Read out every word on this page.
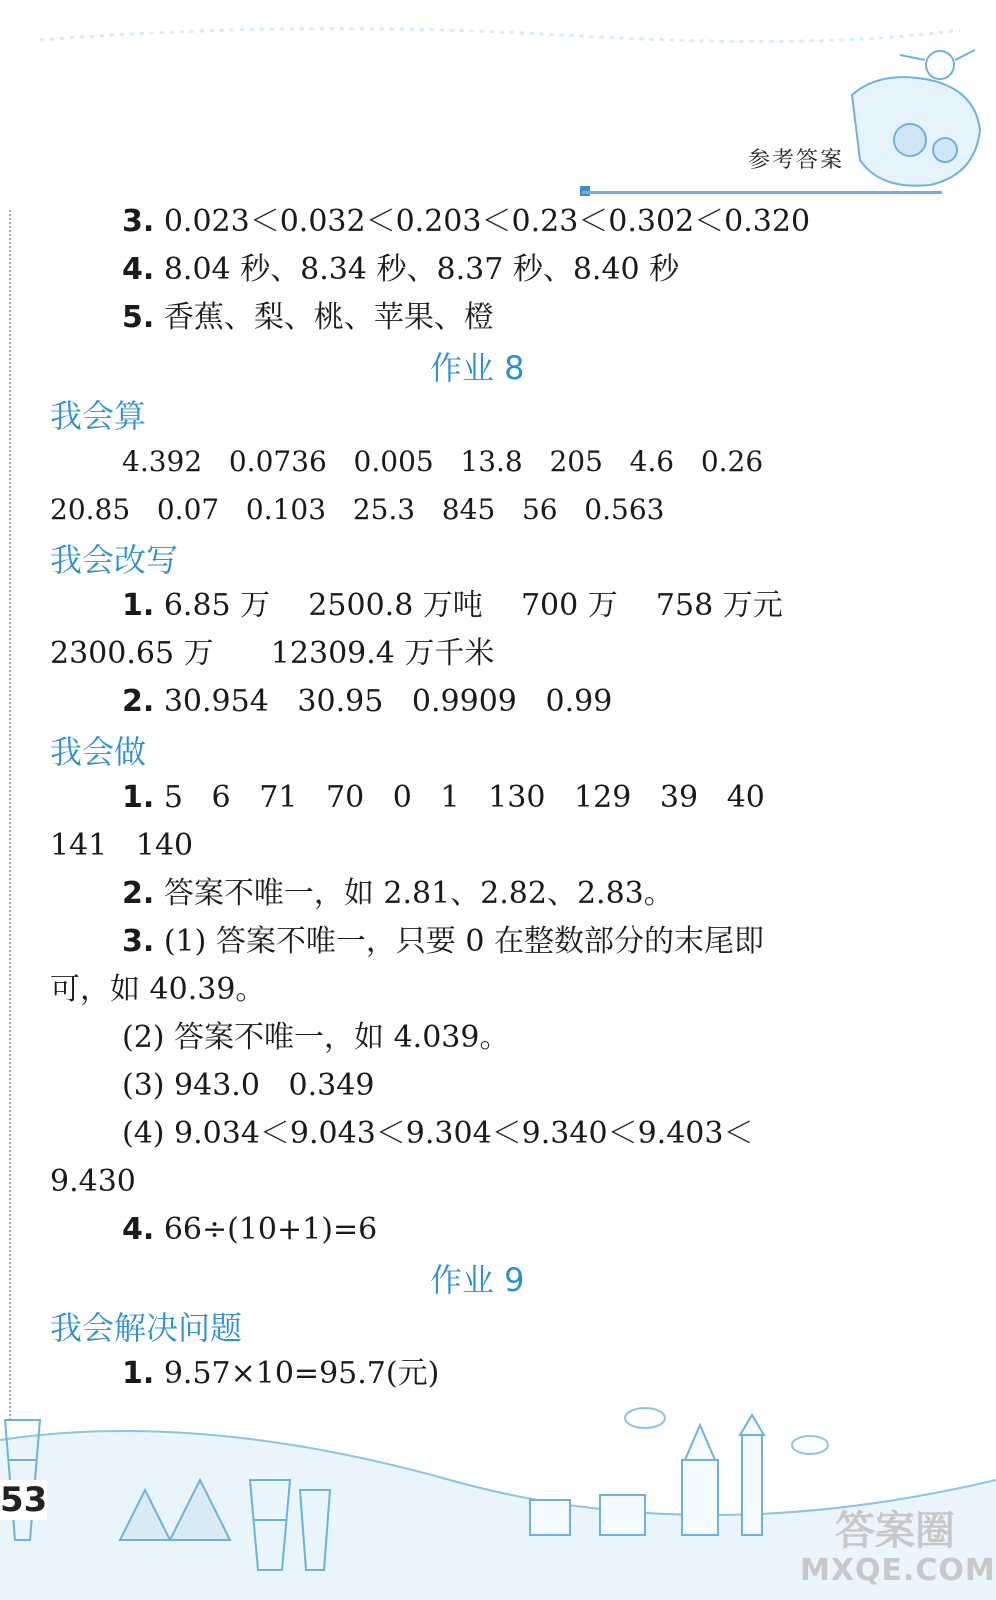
参考答案
3. 0.023＜0.032＜0.203＜0.23＜0.302＜0.320
4. 8.04 秒、8.34 秒、8.37 秒、8.40 秒
5. 香蕉、梨、桃、苹果、橙
作业 8
我会算
4.392   0.0736   0.005   13.8   205   4.6   0.26
20.85   0.07   0.103   25.3   845   56   0.563
我会改写
1. 6.85 万    2500.8 万吨    700 万    758 万元
2300.65 万      12309.4 万千米
2. 30.954   30.95   0.9909   0.99
我会做
1. 5   6   71   70   0   1   130   129   39   40
141   140
2. 答案不唯一，如 2.81、2.82、2.83。
3. (1) 答案不唯一，只要 0 在整数部分的末尾即
可，如 40.39。
(2) 答案不唯一，如 4.039。
(3) 943.0   0.349
(4) 9.034＜9.043＜9.304＜9.340＜9.403＜
9.430
4. 66÷(10+1)=6
作业 9
我会解决问题
1. 9.57×10=95.7(元)
53
答案圈
MXQE.COM
